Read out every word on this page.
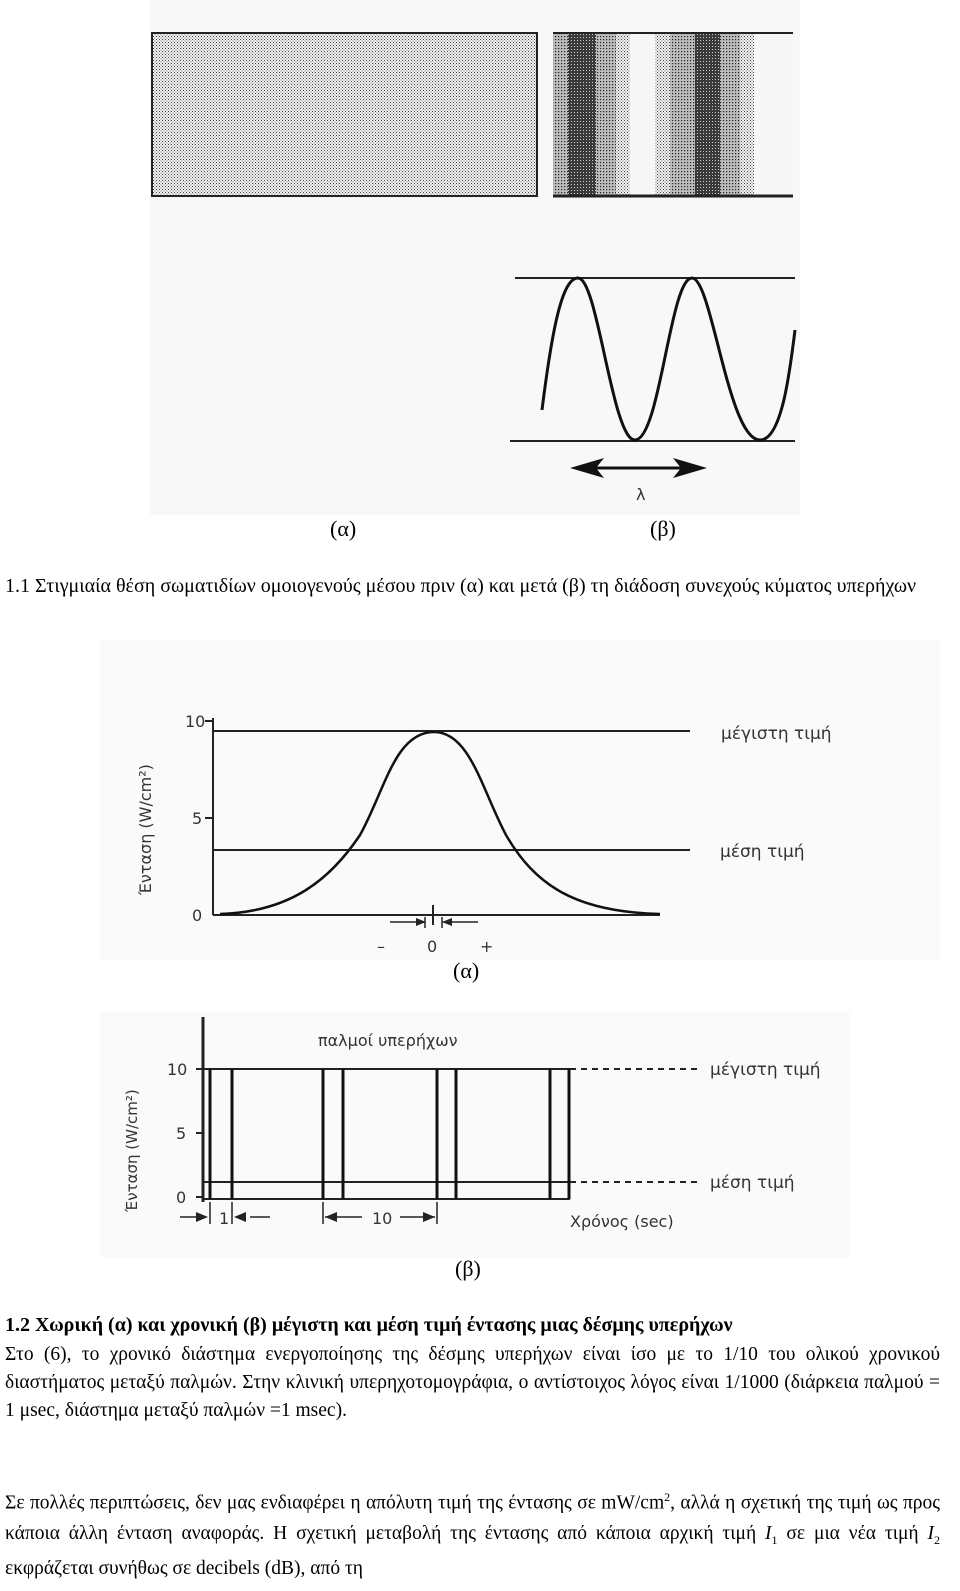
λ
(α)	(β)
1.1 Στιγμιαία θέση σωματιδίων ομοιογενούς μέσου πριν (α) και μετά (β) τη διάδοση συνεχούς κύματος υπερήχων
10
5
0
Ένταση (W/cm²)
μέγιστη τιμή
μέση τιμή
–	0	+
(α)
10
5
0
Ένταση (W/cm²)
παλμοί υπερήχων
μέγιστη τιμή
μέση τιμή
1	10	Χρόνος (sec)
(β)
1.2 Χωρική (α) και χρονική (β) μέγιστη και μέση τιμή έντασης μιας δέσμης υπερήχων
Στο (6), το χρονικό διάστημα ενεργοποίησης της δέσμης υπερήχων είναι ίσο με το 1/10 του ολικού χρονικού διαστήματος μεταξύ παλμών. Στην κλινική υπερηχοτομογράφια, ο αντίστοιχος λόγος είναι 1/1000 (διάρκεια παλμού = 1 μsec, διάστημα μεταξύ παλμών =1 msec).
Σε πολλές περιπτώσεις, δεν μας ενδιαφέρει η απόλυτη τιμή της έντασης σε $mW/cm^2$, αλλά η σχετική της τιμή ως προς κάποια άλλη ένταση αναφοράς. Η σχετική μεταβολή της έντασης από κάποια αρχική τιμή $I_1$ σε μια νέα τιμή $I_2$ εκφράζεται συνήθως σε decibels (dB), από τη
